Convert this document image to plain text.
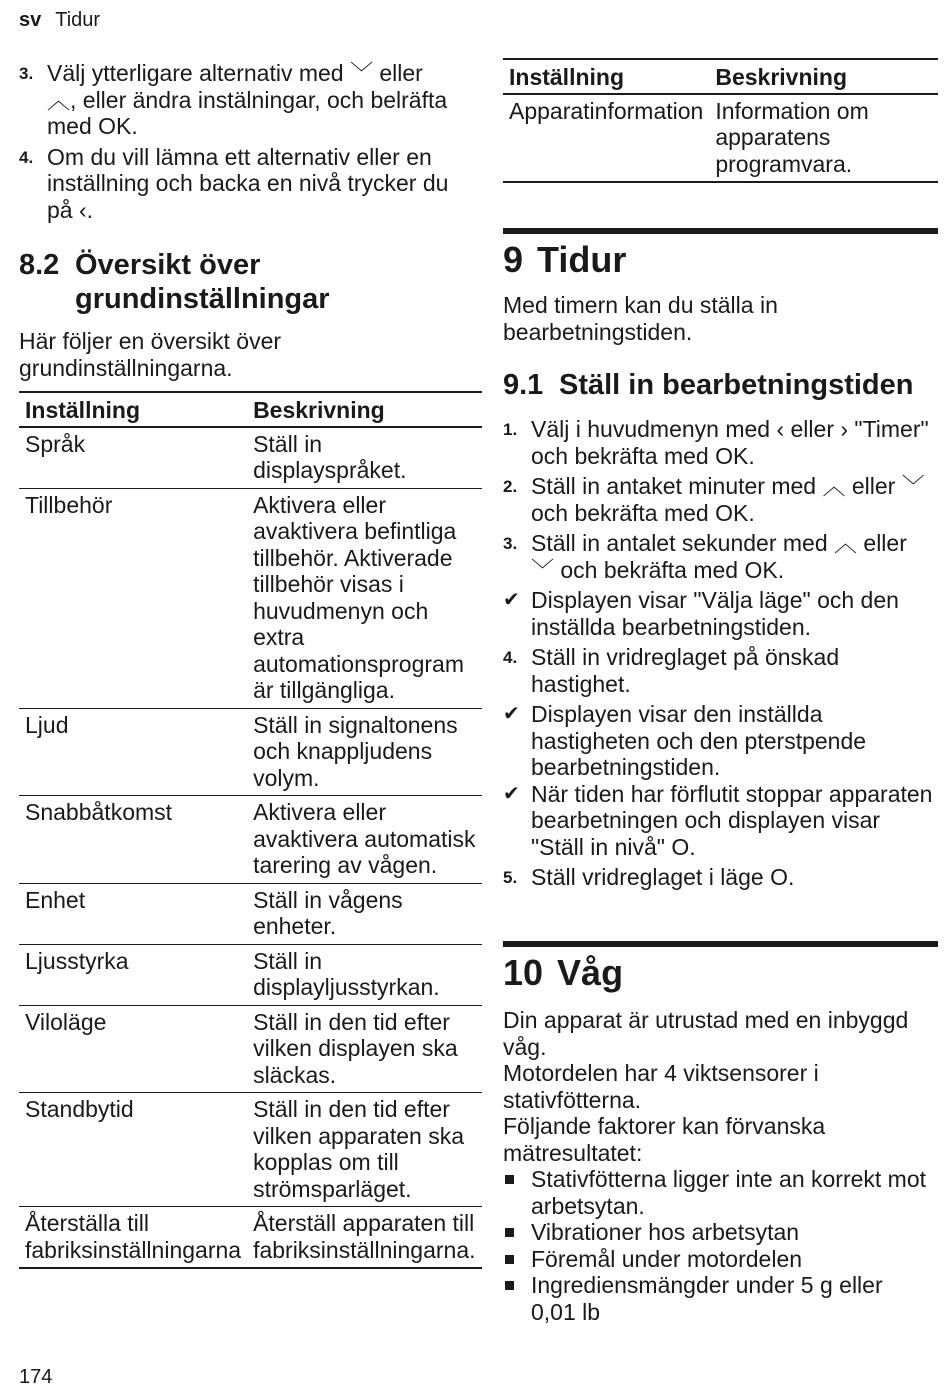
sv Tidur
3. Välj ytterligare alternativ med ﹀ eller ︿, eller ändra instälningar, och belräfta med OK.
4. Om du vill lämna ett alternativ eller en inställning och backa en nivå trycker du på ‹.
8.2 Översikt över grundinställningar

Här följer en översikt över grundinställningarna.

Inställning	Beskrivning
Språk	Ställ in displayspråket.
Tillbehör	Aktivera eller avaktivera befintliga tillbehör. Aktiverade tillbehör visas i huvudmenyn och extra automationsprogram är tillgängliga.
Ljud	Ställ in signaltonens och knappljudens volym.
Snabbåtkomst	Aktivera eller avaktivera automatisk tarering av vågen.
Enhet	Ställ in vågens enheter.
Ljusstyrka	Ställ in displayljusstyrkan.
Viloläge	Ställ in den tid efter vilken displayen ska släckas.
Standbytid	Ställ in den tid efter vilken apparaten ska kopplas om till strömsparläget.
Återställa till fabriksinställningarna	Återställ apparaten till fabriksinställningarna.
Inställning	Beskrivning
Apparatinformation	Information om apparatens programvara.
9 Tidur

Med timern kan du ställa in bearbetningstiden.

9.1 Ställ in bearbetningstiden
1. Välj i huvudmenyn med ‹ eller › "Timer" och bekräfta med OK.
2. Ställ in antaket minuter med ︿ eller ﹀ och bekräfta med OK.
3. Ställ in antalet sekunder med ︿ eller ﹀ och bekräfta med OK.
✔ Displayen visar "Välja läge" och den inställda bearbetningstiden.
4. Ställ in vridreglaget på önskad hastighet.
✔ Displayen visar den inställda hastigheten och den pterstpende bearbetningstiden.
✔ När tiden har förflutit stoppar apparaten bearbetningen och displayen visar "Ställ in nivå" O.
5. Ställ vridreglaget i läge O.
10 Våg
Din apparat är utrustad med en inbyggd våg.
Motordelen har 4 viktsensorer i stativfötterna.
Följande faktorer kan förvanska mätresultatet:
Stativfötterna ligger inte an korrekt mot arbetsytan.
Vibrationer hos arbetsytan
Föremål under motordelen
Ingrediensmängder under 5 g eller 0,01 lb
174
